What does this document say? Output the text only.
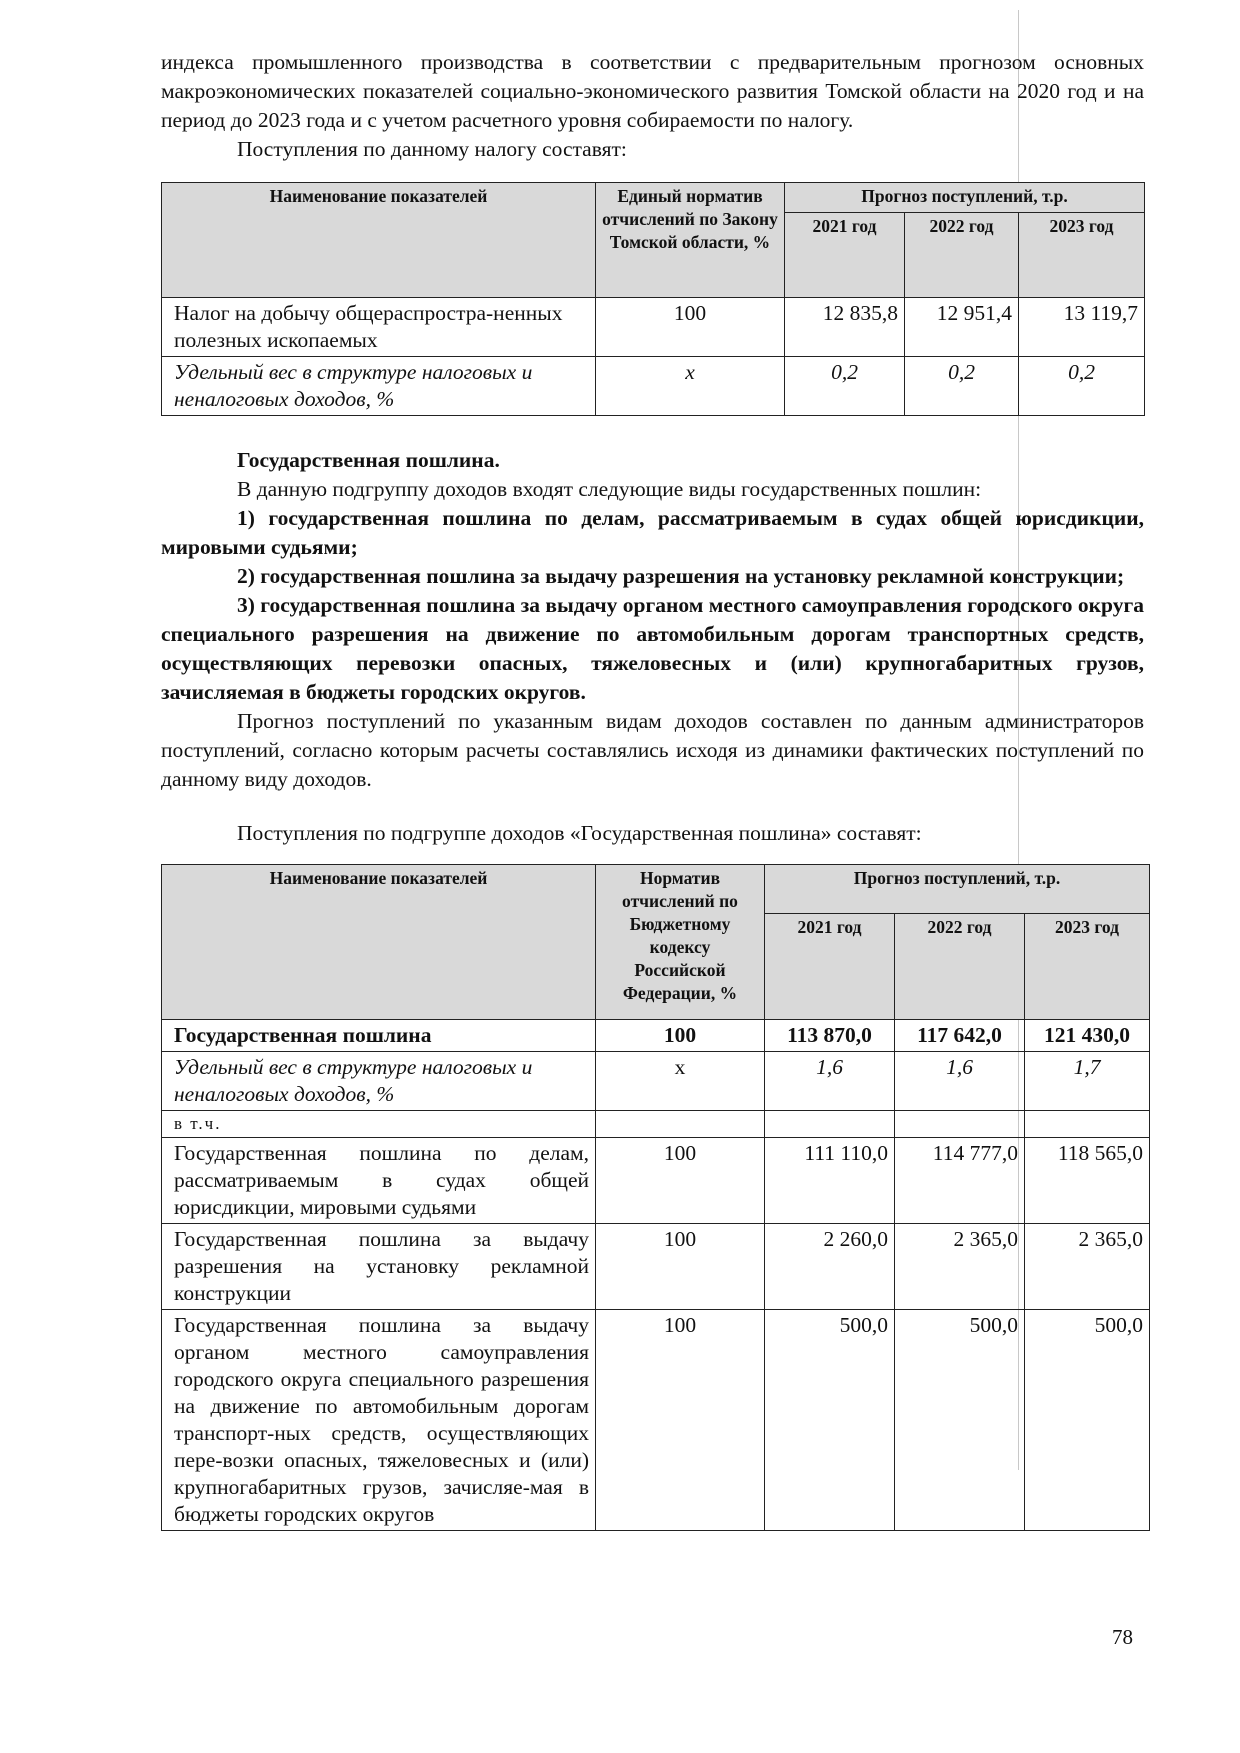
индекса промышленного производства в соответствии с предварительным прогнозом основных макроэкономических показателей социально-экономического развития Томской области на 2020 год и на период до 2023 года и с учетом расчетного уровня собираемости по налогу.

Поступления по данному налогу составят:

Наименование показателей	Единый норматив отчислений по Закону Томской области, %	Прогноз поступлений, т.р.		
		2021 год	2022 год	2023 год
Налог на добычу общераспростра-ненных полезных ископаемых	100	12 835,8	12 951,4	13 119,7
Удельный вес в структуре налоговых и неналоговых доходов, %	х	0,2	0,2	0,2

Государственная пошлина.

В данную подгруппу доходов входят следующие виды государственных пошлин:

1) государственная пошлина по делам, рассматриваемым в судах общей юрисдикции, мировыми судьями;

2) государственная пошлина за выдачу разрешения на установку рекламной конструкции;

3) государственная пошлина за выдачу органом местного самоуправления городского округа специального разрешения на движение по автомобильным дорогам транспортных средств, осуществляющих перевозки опасных, тяжеловесных и (или) крупногабаритных грузов, зачисляемая в бюджеты городских округов.

Прогноз поступлений по указанным видам доходов составлен по данным администраторов поступлений, согласно которым расчеты составлялись исходя из динамики фактических поступлений по данному виду доходов.

Поступления по подгруппе доходов «Государственная пошлина» составят:

Наименование показателей	Норматив отчислений по Бюджетному кодексу Российской Федерации, %	Прогноз поступлений, т.р.		
		2021 год	2022 год	2023 год
Государственная пошлина	100	113 870,0	117 642,0	121 430,0
Удельный вес в структуре налоговых и неналоговых доходов, %	х	1,6	1,6	1,7
в т.ч.				
Государственная пошлина по делам, рассматриваемым в судах общей юрисдикции, мировыми судьями	100	111 110,0	114 777,0	118 565,0
Государственная пошлина за выдачу разрешения на установку рекламной конструкции	100	2 260,0	2 365,0	2 365,0
Государственная пошлина за выдачу органом местного самоуправления городского округа специального разрешения на движение по автомобильным дорогам транспорт-ных средств, осуществляющих пере-возки опасных, тяжеловесных и (или) крупногабаритных грузов, зачисляе-мая в бюджеты городских округов	100	500,0	500,0	500,0
78
